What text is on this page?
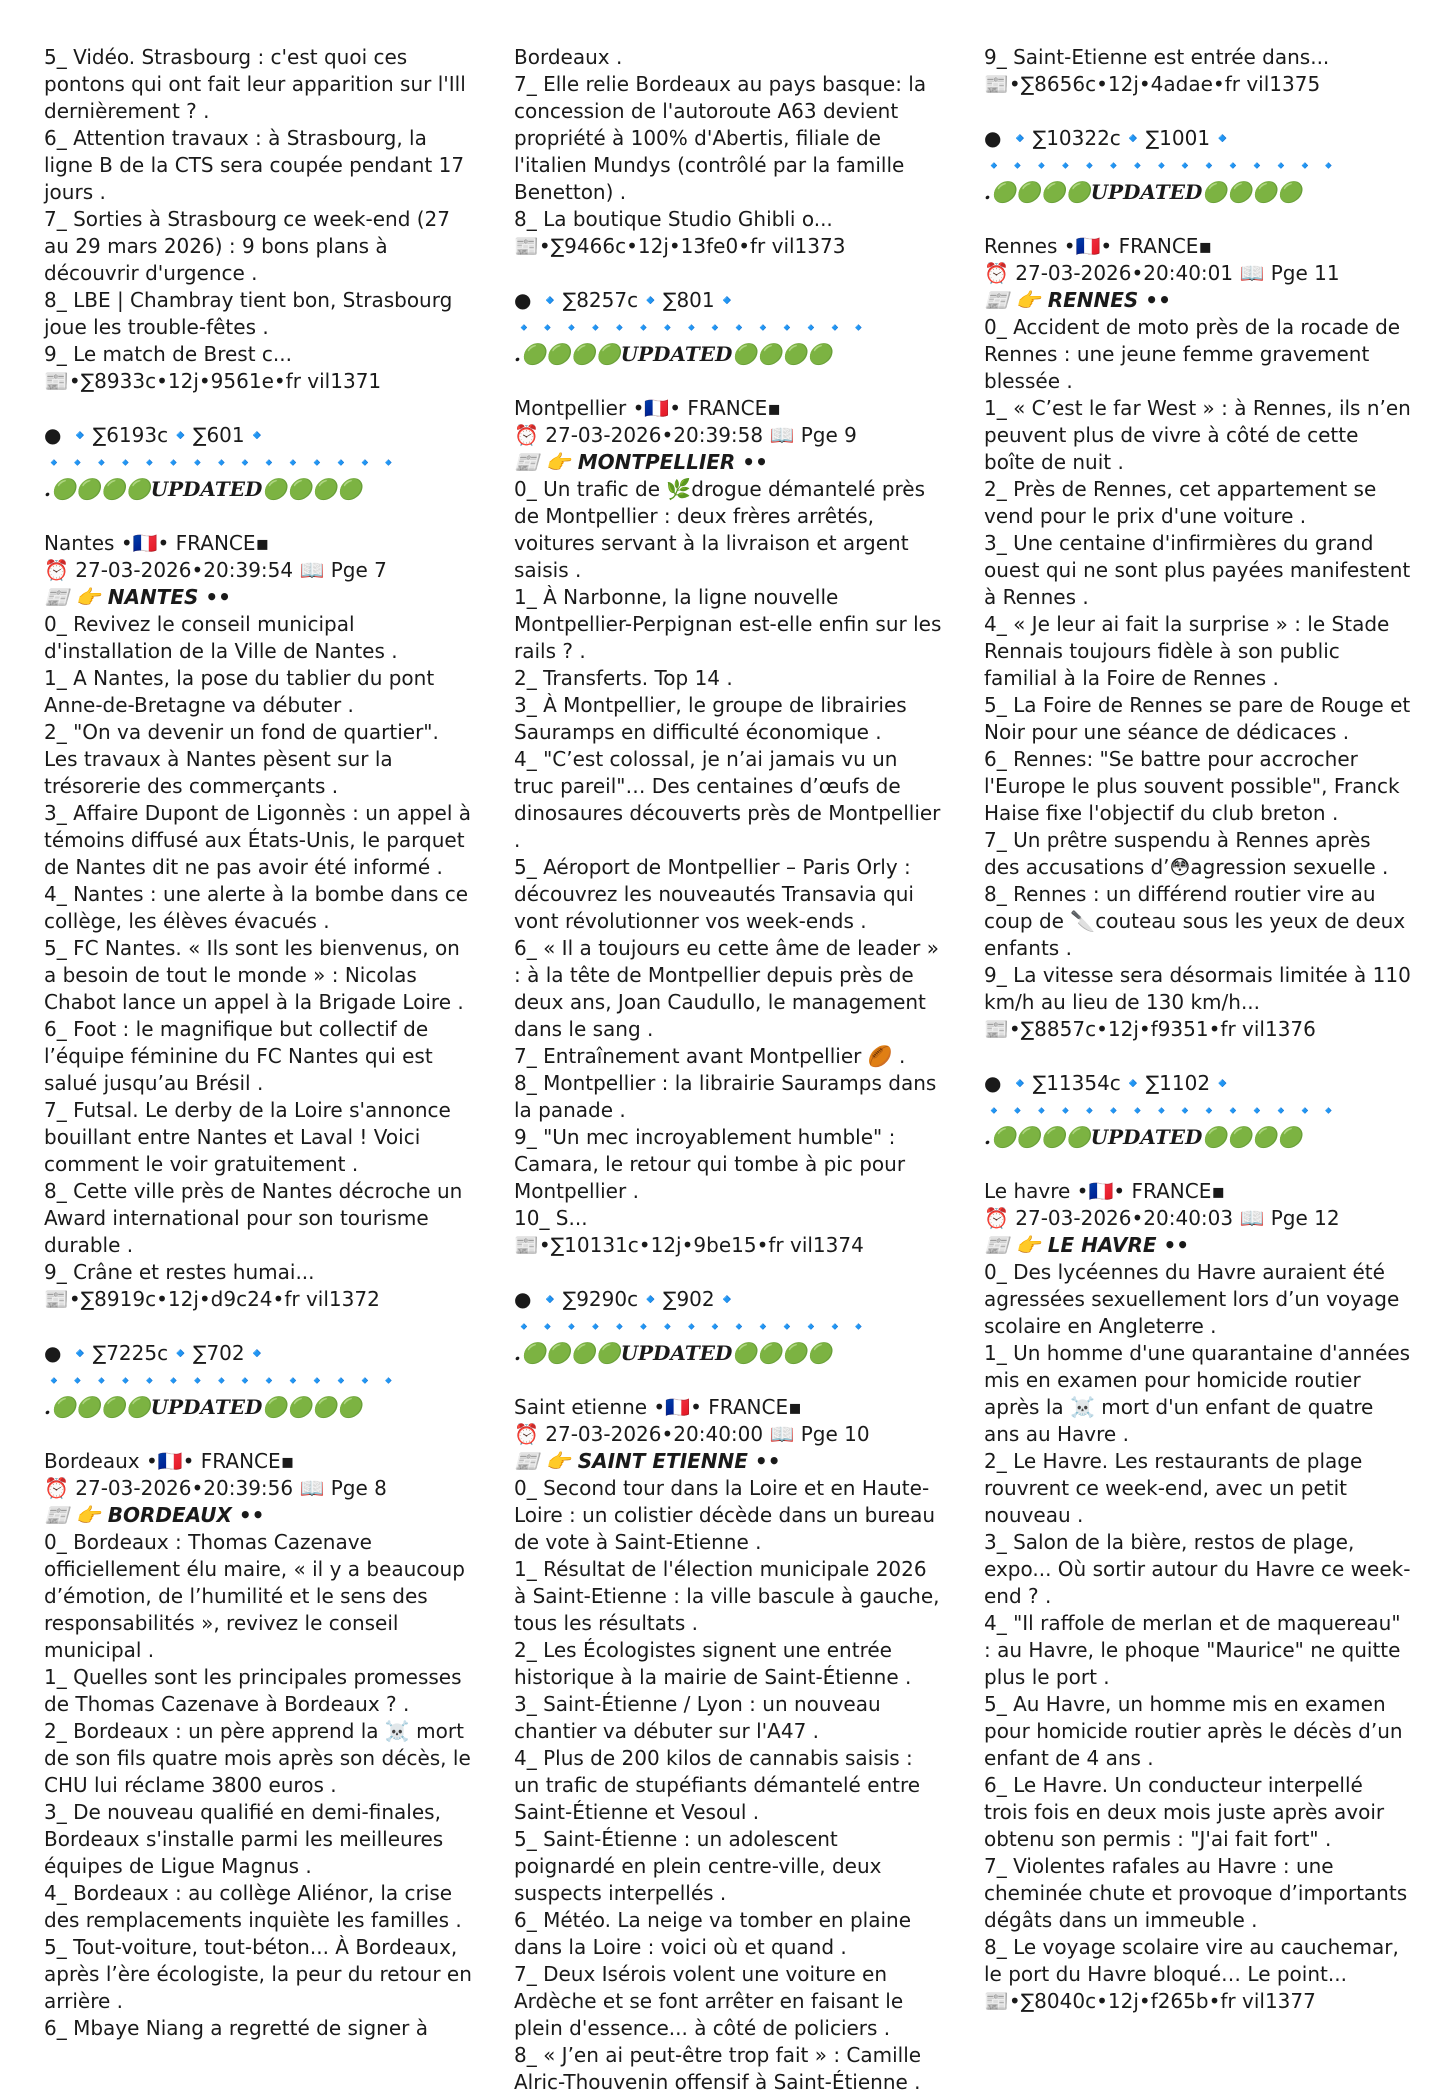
5_ Vidéo. Strasbourg : c'est quoi ces pontons qui ont fait leur apparition sur l'Ill dernièrement ? .
6_ Attention travaux : à Strasbourg, la ligne B de la CTS sera coupée pendant 17 jours .
7_ Sorties à Strasbourg ce week-end (27 au 29 mars 2026) : 9 bons plans à découvrir d'urgence .
8_ LBE | Chambray tient bon, Strasbourg joue les trouble-fêtes .
9_ Le match de Brest c...
📰•∑8933c•12j•9561e•fr vil1371

● 🔹∑6193c🔹∑601🔹
🔹🔹🔹🔹🔹🔹🔹🔹🔹🔹🔹🔹🔹🔹🔹
.🟢🟢🟢🟢UPDATED🟢🟢🟢🟢

Nantes •🇫🇷• FRANCE▪
⏰ 27-03-2026•20:39:54 📖 Pge 7
📰 👉 NANTES ••
0_ Revivez le conseil municipal d'installation de la Ville de Nantes .
1_ A Nantes, la pose du tablier du pont Anne-de-Bretagne va débuter .
2_ "On va devenir un fond de quartier". Les travaux à Nantes pèsent sur la trésorerie des commerçants .
3_ Affaire Dupont de Ligonnès : un appel à témoins diffusé aux États-Unis, le parquet de Nantes dit ne pas avoir été informé .
4_ Nantes : une alerte à la bombe dans ce collège, les élèves évacués .
5_ FC Nantes. « Ils sont les bienvenus, on a besoin de tout le monde » : Nicolas Chabot lance un appel à la Brigade Loire .
6_ Foot : le magnifique but collectif de l’équipe féminine du FC Nantes qui est salué jusqu’au Brésil .
7_ Futsal. Le derby de la Loire s'annonce bouillant entre Nantes et Laval ! Voici comment le voir gratuitement .
8_ Cette ville près de Nantes décroche un Award international pour son tourisme durable .
9_ Crâne et restes humai...
📰•∑8919c•12j•d9c24•fr vil1372

● 🔹∑7225c🔹∑702🔹
🔹🔹🔹🔹🔹🔹🔹🔹🔹🔹🔹🔹🔹🔹🔹
.🟢🟢🟢🟢UPDATED🟢🟢🟢🟢

Bordeaux •🇫🇷• FRANCE▪
⏰ 27-03-2026•20:39:56 📖 Pge 8
📰 👉 BORDEAUX ••
0_ Bordeaux : Thomas Cazenave officiellement élu maire, « il y a beaucoup d’émotion, de l’humilité et le sens des responsabilités », revivez le conseil municipal .
1_ Quelles sont les principales promesses de Thomas Cazenave à Bordeaux ? .
2_ Bordeaux : un père apprend la ☠️ mort de son fils quatre mois après son décès, le CHU lui réclame 3800 euros .
3_ De nouveau qualifié en demi-finales, Bordeaux s'installe parmi les meilleures équipes de Ligue Magnus .
4_ Bordeaux : au collège Aliénor, la crise des remplacements inquiète les familles .
5_ Tout-voiture, tout-béton... À Bordeaux, après l’ère écologiste, la peur du retour en arrière .
6_ Mbaye Niang a regretté de signer à
Bordeaux .
7_ Elle relie Bordeaux au pays basque: la concession de l'autoroute A63 devient propriété à 100% d'Abertis, filiale de l'italien Mundys (contrôlé par la famille Benetton) .
8_ La boutique Studio Ghibli o...
📰•∑9466c•12j•13fe0•fr vil1373

● 🔹∑8257c🔹∑801🔹
🔹🔹🔹🔹🔹🔹🔹🔹🔹🔹🔹🔹🔹🔹🔹
.🟢🟢🟢🟢UPDATED🟢🟢🟢🟢

Montpellier •🇫🇷• FRANCE▪
⏰ 27-03-2026•20:39:58 📖 Pge 9
📰 👉 MONTPELLIER ••
0_ Un trafic de 🌿drogue démantelé près de Montpellier : deux frères arrêtés, voitures servant à la livraison et argent saisis .
1_ À Narbonne, la ligne nouvelle Montpellier-Perpignan est-elle enfin sur les rails ? .
2_ Transferts. Top 14 .
3_ À Montpellier, le groupe de librairies Sauramps en difficulté économique .
4_ "C’est colossal, je n’ai jamais vu un truc pareil"… Des centaines d’œufs de dinosaures découverts près de Montpellier .
5_ Aéroport de Montpellier – Paris Orly : découvrez les nouveautés Transavia qui vont révolutionner vos week-ends .
6_ « Il a toujours eu cette âme de leader » : à la tête de Montpellier depuis près de deux ans, Joan Caudullo, le management dans le sang .
7_ Entraînement avant Montpellier 🏉 .
8_ Montpellier : la librairie Sauramps dans la panade .
9_ "Un mec incroyablement humble" : Camara, le retour qui tombe à pic pour Montpellier .
10_ S...
📰•∑10131c•12j•9be15•fr vil1374

● 🔹∑9290c🔹∑902🔹
🔹🔹🔹🔹🔹🔹🔹🔹🔹🔹🔹🔹🔹🔹🔹
.🟢🟢🟢🟢UPDATED🟢🟢🟢🟢

Saint etienne •🇫🇷• FRANCE▪
⏰ 27-03-2026•20:40:00 📖 Pge 10
📰 👉 SAINT ETIENNE ••
0_ Second tour dans la Loire et en Haute-Loire : un colistier décède dans un bureau de vote à Saint-Etienne .
1_ Résultat de l'élection municipale 2026 à Saint-Etienne : la ville bascule à gauche, tous les résultats .
2_ Les Écologistes signent une entrée historique à la mairie de Saint-Étienne .
3_ Saint-Étienne / Lyon : un nouveau chantier va débuter sur l'A47 .
4_ Plus de 200 kilos de cannabis saisis : un trafic de stupéfiants démantelé entre Saint-Étienne et Vesoul .
5_ Saint-Étienne : un adolescent poignardé en plein centre-ville, deux suspects interpellés .
6_ Météo. La neige va tomber en plaine dans la Loire : voici où et quand .
7_ Deux Isérois volent une voiture en Ardèche et se font arrêter en faisant le plein d'essence... à côté de policiers .
8_ « J’en ai peut-être trop fait » : Camille Alric-Thouvenin offensif à Saint-Étienne .
9_ Saint-Etienne est entrée dans...
📰•∑8656c•12j•4adae•fr vil1375

● 🔹∑10322c🔹∑1001🔹
🔹🔹🔹🔹🔹🔹🔹🔹🔹🔹🔹🔹🔹🔹🔹
.🟢🟢🟢🟢UPDATED🟢🟢🟢🟢

Rennes •🇫🇷• FRANCE▪
⏰ 27-03-2026•20:40:01 📖 Pge 11
📰 👉 RENNES ••
0_ Accident de moto près de la rocade de Rennes : une jeune femme gravement blessée .
1_ « C’est le far West » : à Rennes, ils n’en peuvent plus de vivre à côté de cette boîte de nuit .
2_ Près de Rennes, cet appartement se vend pour le prix d'une voiture .
3_ Une centaine d'infirmières du grand ouest qui ne sont plus payées manifestent à Rennes .
4_ « Je leur ai fait la surprise » : le Stade Rennais toujours fidèle à son public familial à la Foire de Rennes .
5_ La Foire de Rennes se pare de Rouge et Noir pour une séance de dédicaces .
6_ Rennes: "Se battre pour accrocher l'Europe le plus souvent possible", Franck Haise fixe l'objectif du club breton .
7_ Un prêtre suspendu à Rennes après des accusations d’😳agression sexuelle .
8_ Rennes : un différend routier vire au coup de 🔪couteau sous les yeux de deux enfants .
9_ La vitesse sera désormais limitée à 110 km/h au lieu de 130 km/h...
📰•∑8857c•12j•f9351•fr vil1376

● 🔹∑11354c🔹∑1102🔹
🔹🔹🔹🔹🔹🔹🔹🔹🔹🔹🔹🔹🔹🔹🔹
.🟢🟢🟢🟢UPDATED🟢🟢🟢🟢

Le havre •🇫🇷• FRANCE▪
⏰ 27-03-2026•20:40:03 📖 Pge 12
📰 👉 LE HAVRE ••
0_ Des lycéennes du Havre auraient été agressées sexuellement lors d’un voyage scolaire en Angleterre .
1_ Un homme d'une quarantaine d'années mis en examen pour homicide routier après la ☠️ mort d'un enfant de quatre ans au Havre .
2_ Le Havre. Les restaurants de plage rouvrent ce week-end, avec un petit nouveau .
3_ Salon de la bière, restos de plage, expo... Où sortir autour du Havre ce week-end ? .
4_ "Il raffole de merlan et de maquereau" : au Havre, le phoque "Maurice" ne quitte plus le port .
5_ Au Havre, un homme mis en examen pour homicide routier après le décès d’un enfant de 4 ans .
6_ Le Havre. Un conducteur interpellé trois fois en deux mois juste après avoir obtenu son permis : "J'ai fait fort" .
7_ Violentes rafales au Havre : une cheminée chute et provoque d’importants dégâts dans un immeuble .
8_ Le voyage scolaire vire au cauchemar, le port du Havre bloqué… Le point...
📰•∑8040c•12j•f265b•fr vil1377
